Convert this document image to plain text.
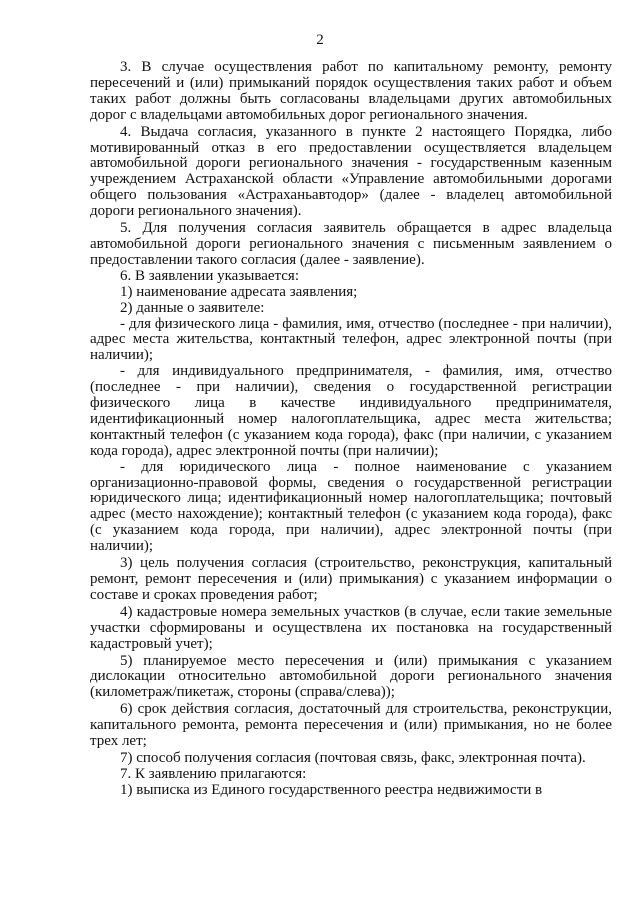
2

3. В случае осуществления работ по капитальному ремонту, ремонту пересечений и (или) примыканий порядок осуществления таких работ и объем таких работ должны быть согласованы владельцами других автомобильных дорог с владельцами автомобильных дорог регионального значения.

4. Выдача согласия, указанного в пункте 2 настоящего Порядка, либо мотивированный отказ в его предоставлении осуществляется владельцем автомобильной дороги регионального значения - государственным казенным учреждением Астраханской области «Управление автомобильными дорогами общего пользования «Астраханьавтодор» (далее - владелец автомобильной дороги регионального значения).

5. Для получения согласия заявитель обращается в адрес владельца автомобильной дороги регионального значения с письменным заявлением о предоставлении такого согласия (далее - заявление).

6. В заявлении указывается:

1) наименование адресата заявления;

2) данные о заявителе:

- для физического лица - фамилия, имя, отчество (последнее - при наличии), адрес места жительства, контактный телефон, адрес электронной почты (при наличии);

- для индивидуального предпринимателя, - фамилия, имя, отчество (последнее - при наличии), сведения о государственной регистрации физического лица в качестве индивидуального предпринимателя, идентификационный номер налогоплательщика, адрес места жительства; контактный телефон (с указанием кода города), факс (при наличии, с указанием кода города), адрес электронной почты (при наличии);

- для юридического лица - полное наименование с указанием организационно-правовой формы, сведения о государственной регистрации юридического лица; идентификационный номер налогоплательщика; почтовый адрес (место нахождение); контактный телефон (с указанием кода города), факс (с указанием кода города, при наличии), адрес электронной почты (при наличии);

3) цель получения согласия (строительство, реконструкция, капитальный ремонт, ремонт пересечения и (или) примыкания) с указанием информации о составе и сроках проведения работ;

4) кадастровые номера земельных участков (в случае, если такие земельные участки сформированы и осуществлена их постановка на государственный кадастровый учет);

5) планируемое место пересечения и (или) примыкания с указанием дислокации относительно автомобильной дороги регионального значения (километраж/пикетаж, стороны (справа/слева));

6) срок действия согласия, достаточный для строительства, реконструкции, капитального ремонта, ремонта пересечения и (или) примыкания, но не более трех лет;

7) способ получения согласия (почтовая связь, факс, электронная почта).

7. К заявлению прилагаются:

1) выписка из Единого государственного реестра недвижимости в
